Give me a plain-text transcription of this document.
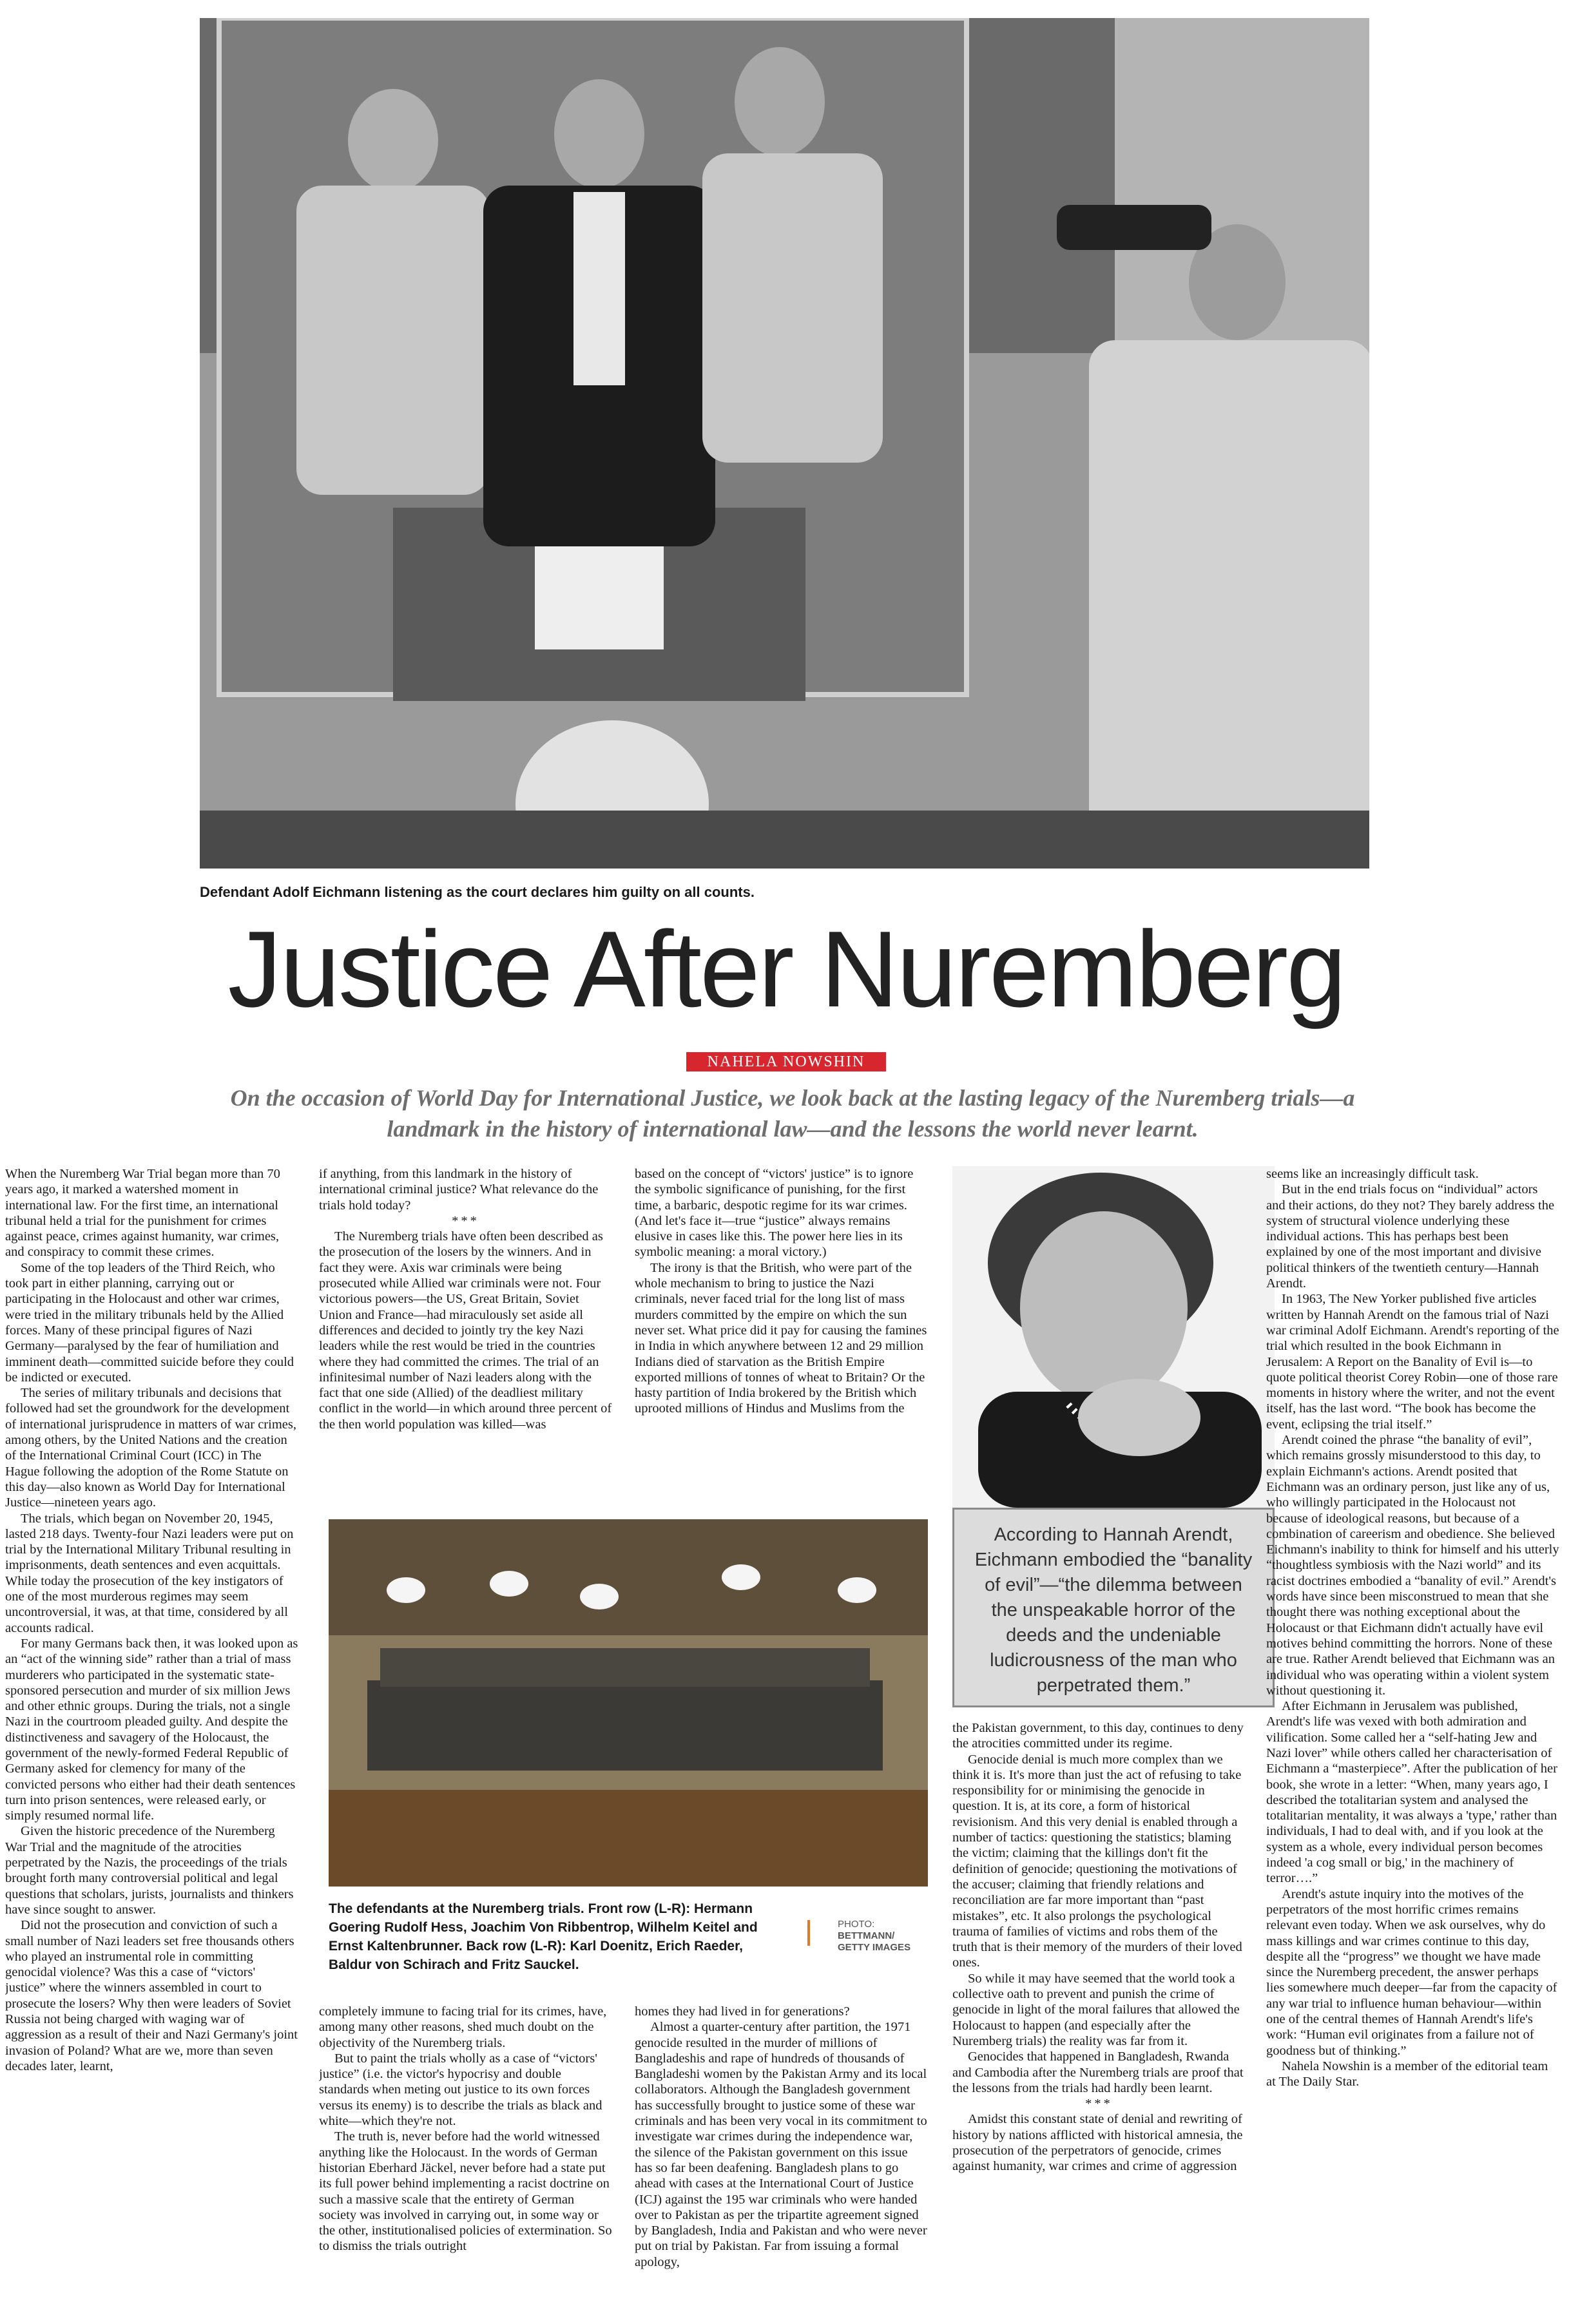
Defendant Adolf Eichmann listening as the court declares him guilty on all counts.
Justice After Nuremberg
NAHELA NOWSHIN
On the occasion of World Day for International Justice, we look back at the lasting legacy of the Nuremberg trials—a landmark in the history of international law—and the lessons the world never learnt.

When the Nuremberg War Trial began more than 70 years ago, it marked a watershed moment in international law. For the first time, an international tribunal held a trial for the punishment for crimes against peace, crimes against humanity, war crimes, and conspiracy to commit these crimes.

Some of the top leaders of the Third Reich, who took part in either planning, carrying out or participating in the Holocaust and other war crimes, were tried in the military tribunals held by the Allied forces. Many of these principal figures of Nazi Germany—paralysed by the fear of humiliation and imminent death—committed suicide before they could be indicted or executed.

The series of military tribunals and decisions that followed had set the groundwork for the development of international jurisprudence in matters of war crimes, among others, by the United Nations and the creation of the International Criminal Court (ICC) in The Hague following the adoption of the Rome Statute on this day—also known as World Day for International Justice—nineteen years ago.

The trials, which began on November 20, 1945, lasted 218 days. Twenty-four Nazi leaders were put on trial by the International Military Tribunal resulting in imprisonments, death sentences and even acquittals. While today the prosecution of the key instigators of one of the most murderous regimes may seem uncontroversial, it was, at that time, considered by all accounts radical.

For many Germans back then, it was looked upon as an “act of the winning side” rather than a trial of mass murderers who participated in the systematic state-sponsored persecution and murder of six million Jews and other ethnic groups. During the trials, not a single Nazi in the courtroom pleaded guilty. And despite the distinctiveness and savagery of the Holocaust, the government of the newly-formed Federal Republic of Germany asked for clemency for many of the convicted persons who either had their death sentences turn into prison sentences, were released early, or simply resumed normal life.

Given the historic precedence of the Nuremberg War Trial and the magnitude of the atrocities perpetrated by the Nazis, the proceedings of the trials brought forth many controversial political and legal questions that scholars, jurists, journalists and thinkers have since sought to answer.

Did not the prosecution and conviction of such a small number of Nazi leaders set free thousands others who played an instrumental role in committing genocidal violence? Was this a case of “victors' justice” where the winners assembled in court to prosecute the losers? Why then were leaders of Soviet Russia not being charged with waging war of aggression as a result of their and Nazi Germany's joint invasion of Poland? What are we, more than seven decades later, learnt,

if anything, from this landmark in the history of international criminal justice? What relevance do the trials hold today?

***

The Nuremberg trials have often been described as the prosecution of the losers by the winners. And in fact they were. Axis war criminals were being prosecuted while Allied war criminals were not. Four victorious powers—the US, Great Britain, Soviet Union and France—had miraculously set aside all differences and decided to jointly try the key Nazi leaders while the rest would be tried in the countries where they had committed the crimes. The trial of an infinitesimal number of Nazi leaders along with the fact that one side (Allied) of the deadliest military conflict in the world—in which around three percent of the then world population was killed—was

based on the concept of “victors' justice” is to ignore the symbolic significance of punishing, for the first time, a barbaric, despotic regime for its war crimes. (And let's face it—true “justice” always remains elusive in cases like this. The power here lies in its symbolic meaning: a moral victory.)

The irony is that the British, who were part of the whole mechanism to bring to justice the Nazi criminals, never faced trial for the long list of mass murders committed by the empire on which the sun never set. What price did it pay for causing the famines in India in which anywhere between 12 and 29 million Indians died of starvation as the British Empire exported millions of tonnes of wheat to Britain? Or the hasty partition of India brokered by the British which uprooted millions of Hindus and Muslims from the

According to Hannah Arendt, Eichmann embodied the “banality of evil”—“the dilemma between the unspeakable horror of the deeds and the undeniable ludicrousness of the man who perpetrated them.”
The defendants at the Nuremberg trials. Front row (L-R): Hermann Goering Rudolf Hess, Joachim Von Ribbentrop, Wilhelm Keitel and Ernst Kaltenbrunner. Back row (L-R): Karl Doenitz, Erich Raeder, Baldur von Schirach and Fritz Sauckel.
PHOTO:
BETTMANN/
GETTY IMAGES

completely immune to facing trial for its crimes, have, among many other reasons, shed much doubt on the objectivity of the Nuremberg trials.

But to paint the trials wholly as a case of “victors' justice” (i.e. the victor's hypocrisy and double standards when meting out justice to its own forces versus its enemy) is to describe the trials as black and white—which they're not.

The truth is, never before had the world witnessed anything like the Holocaust. In the words of German historian Eberhard Jäckel, never before had a state put its full power behind implementing a racist doctrine on such a massive scale that the entirety of German society was involved in carrying out, in some way or the other, institutionalised policies of extermination. So to dismiss the trials outright

homes they had lived in for generations?

Almost a quarter-century after partition, the 1971 genocide resulted in the murder of millions of Bangladeshis and rape of hundreds of thousands of Bangladeshi women by the Pakistan Army and its local collaborators. Although the Bangladesh government has successfully brought to justice some of these war criminals and has been very vocal in its commitment to investigate war crimes during the independence war, the silence of the Pakistan government on this issue has so far been deafening. Bangladesh plans to go ahead with cases at the International Court of Justice (ICJ) against the 195 war criminals who were handed over to Pakistan as per the tripartite agreement signed by Bangladesh, India and Pakistan and who were never put on trial by Pakistan. Far from issuing a formal apology,

the Pakistan government, to this day, continues to deny the atrocities committed under its regime.

Genocide denial is much more complex than we think it is. It's more than just the act of refusing to take responsibility for or minimising the genocide in question. It is, at its core, a form of historical revisionism. And this very denial is enabled through a number of tactics: questioning the statistics; blaming the victim; claiming that the killings don't fit the definition of genocide; questioning the motivations of the accuser; claiming that friendly relations and reconciliation are far more important than “past mistakes”, etc. It also prolongs the psychological trauma of families of victims and robs them of the truth that is their memory of the murders of their loved ones.

So while it may have seemed that the world took a collective oath to prevent and punish the crime of genocide in light of the moral failures that allowed the Holocaust to happen (and especially after the Nuremberg trials) the reality was far from it.

Genocides that happened in Bangladesh, Rwanda and Cambodia after the Nuremberg trials are proof that the lessons from the trials had hardly been learnt.

***

Amidst this constant state of denial and rewriting of history by nations afflicted with historical amnesia, the prosecution of the perpetrators of genocide, crimes against humanity, war crimes and crime of aggression

seems like an increasingly difficult task.

But in the end trials focus on “individual” actors and their actions, do they not? They barely address the system of structural violence underlying these individual actions. This has perhaps best been explained by one of the most important and divisive political thinkers of the twentieth century—Hannah Arendt.

In 1963, The New Yorker published five articles written by Hannah Arendt on the famous trial of Nazi war criminal Adolf Eichmann. Arendt's reporting of the trial which resulted in the book Eichmann in Jerusalem: A Report on the Banality of Evil is—to quote political theorist Corey Robin—one of those rare moments in history where the writer, and not the event itself, has the last word. “The book has become the event, eclipsing the trial itself.”

Arendt coined the phrase “the banality of evil”, which remains grossly misunderstood to this day, to explain Eichmann's actions. Arendt posited that Eichmann was an ordinary person, just like any of us, who willingly participated in the Holocaust not because of ideological reasons, but because of a combination of careerism and obedience. She believed Eichmann's inability to think for himself and his utterly “thoughtless symbiosis with the Nazi world” and its racist doctrines embodied a “banality of evil.” Arendt's words have since been misconstrued to mean that she thought there was nothing exceptional about the Holocaust or that Eichmann didn't actually have evil motives behind committing the horrors. None of these are true. Rather Arendt believed that Eichmann was an individual who was operating within a violent system without questioning it.

After Eichmann in Jerusalem was published, Arendt's life was vexed with both admiration and vilification. Some called her a “self-hating Jew and Nazi lover” while others called her characterisation of Eichmann a “masterpiece”. After the publication of her book, she wrote in a letter: “When, many years ago, I described the totalitarian system and analysed the totalitarian mentality, it was always a 'type,' rather than individuals, I had to deal with, and if you look at the system as a whole, every individual person becomes indeed 'a cog small or big,' in the machinery of terror….”

Arendt's astute inquiry into the motives of the perpetrators of the most horrific crimes remains relevant even today. When we ask ourselves, why do mass killings and war crimes continue to this day, despite all the “progress” we thought we have made since the Nuremberg precedent, the answer perhaps lies somewhere much deeper—far from the capacity of any war trial to influence human behaviour—within one of the central themes of Hannah Arendt's life's work: “Human evil originates from a failure not of goodness but of thinking.”

Nahela Nowshin is a member of the editorial team at The Daily Star.
